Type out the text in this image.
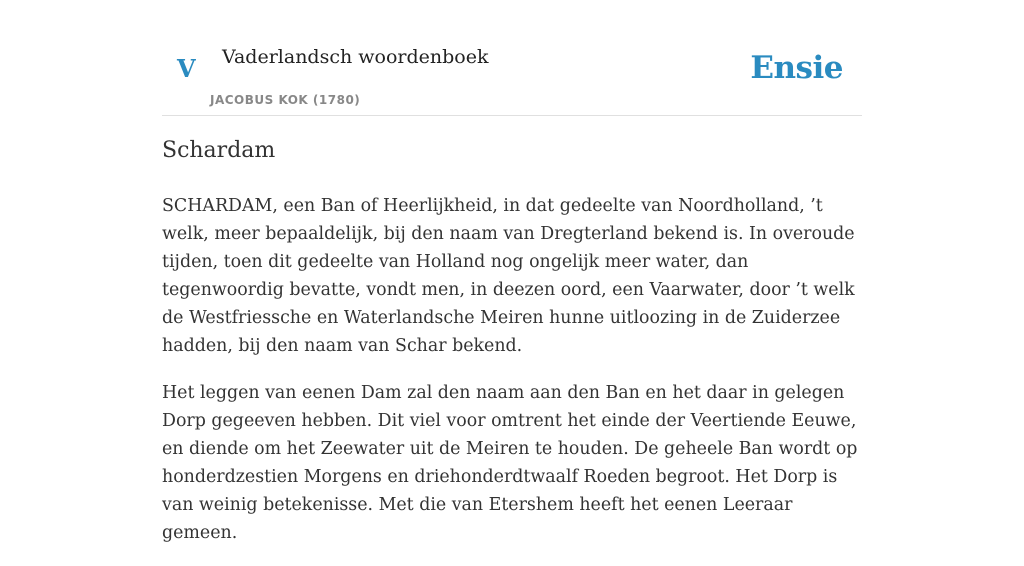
V Vaderlandsch woordenboek
JACOBUS KOK (1780)
Ensie
Schardam

SCHARDAM, een Ban of Heerlijkheid, in dat gedeelte van Noordholland, ’t welk, meer bepaaldelijk, bij den naam van Dregterland bekend is. In overoude tijden, toen dit gedeelte van Holland nog ongelijk meer water, dan tegenwoordig bevatte, vondt men, in deezen oord, een Vaarwater, door ’t welk de Westfriessche en Waterlandsche Meiren hunne uitloozing in de Zuiderzee hadden, bij den naam van Schar bekend.

Het leggen van eenen Dam zal den naam aan den Ban en het daar in gelegen Dorp gegeeven hebben. Dit viel voor omtrent het einde der Veertiende Eeuwe, en diende om het Zeewater uit de Meiren te houden. De geheele Ban wordt op honderdzestien Morgens en driehonderdtwaalf Roeden begroot. Het Dorp is van weinig betekenisse. Met die van Etershem heeft het eenen Leeraar gemeen.
